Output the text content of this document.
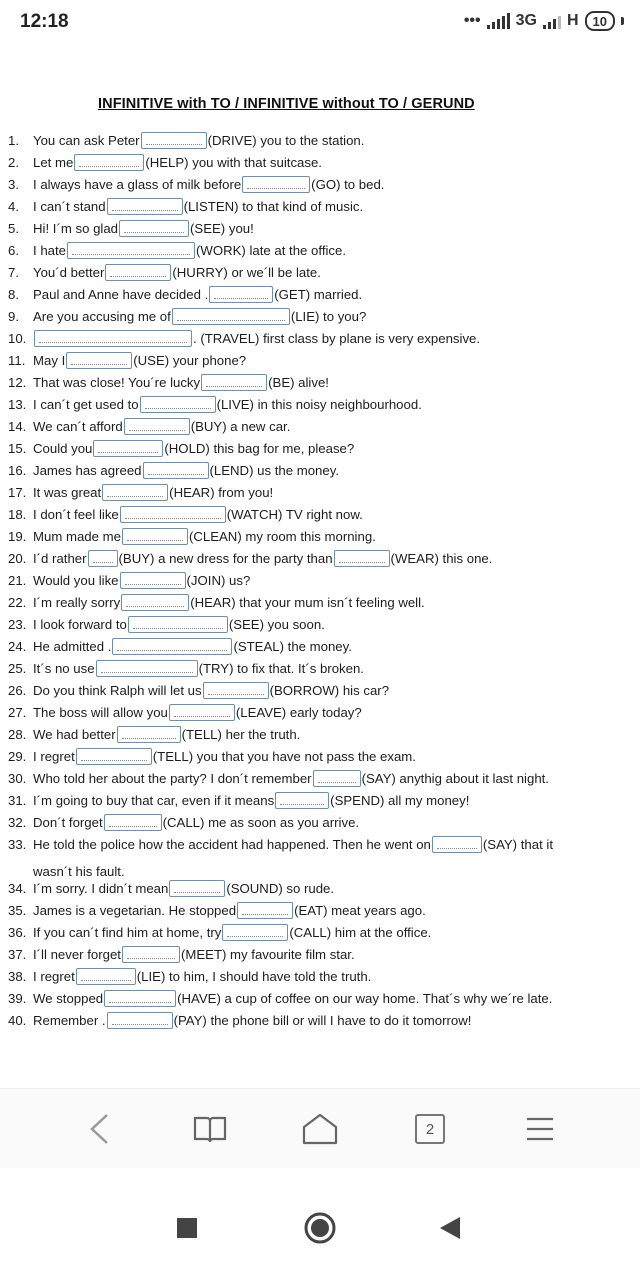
12:18	••• 3G H 10
INFINITIVE with TO / INFINITIVE without TO / GERUND
1.	You can ask Peter	(DRIVE) you to the station.
2.	Let me	(HELP) you with that suitcase.
3.	I always have a glass of milk before	(GO) to bed.
4.	I can´t stand	(LISTEN) to that kind of music.
5.	Hi! I´m so glad	(SEE) you!
6.	I hate	(WORK) late at the office.
7.	You´d better	(HURRY) or we´ll be late.
8.	Paul and Anne have decided .	(GET) married.
9.	Are you accusing me of	(LIE) to you?
10.	. (TRAVEL) first class by plane is very expensive.
11. May I	(USE) your phone?
12. That was close! You´re lucky	(BE) alive!
13. I can´t get used to	(LIVE) in this noisy neighbourhood.
14. We can´t afford	(BUY) a new car.
15. Could you	(HOLD) this bag for me, please?
16. James has agreed	(LEND) us the money.
17. It was great	(HEAR) from you!
18. I don´t feel like	(WATCH) TV right now.
19. Mum made me	(CLEAN) my room this morning.
20. I´d rather (BUY) a new dress for the party than	(WEAR) this one.
21. Would you like	(JOIN) us?
22. I´m really sorry	(HEAR) that your mum isn´t feeling well.
23. I look forward to	(SEE) you soon.
24. He admitted .	(STEAL) the money.
25. It´s no use	(TRY) to fix that. It´s broken.
26. Do you think Ralph will let us	(BORROW) his car?
27. The boss will allow you	(LEAVE) early today?
28. We had better	(TELL) her the truth.
29. I regret	(TELL) you that you have not pass the exam.
30. Who told her about the party? I don´t remember	(SAY) anythig about it last night.
31. I´m going to buy that car, even if it means	(SPEND) all my money!
32. Don´t forget	(CALL) me as soon as you arrive.
33. He told the police how the accident had happened. Then he went on	(SAY) that it
34. I´m sorry. I didn´t mean	(SOUND) so rude.
35. James is a vegetarian. He stopped	(EAT) meat years ago.
36. If you can´t find him at home, try	(CALL) him at the office.
37. I´ll never forget	(MEET) my favourite film star.
38. I regret	(LIE) to him, I should have told the truth.
39. We stopped	(HAVE) a cup of coffee on our way home. That´s why we´re late.
40. Remember .	(PAY) the phone bill or will I have to do it tomorrow!
wasn´t his fault.
2
